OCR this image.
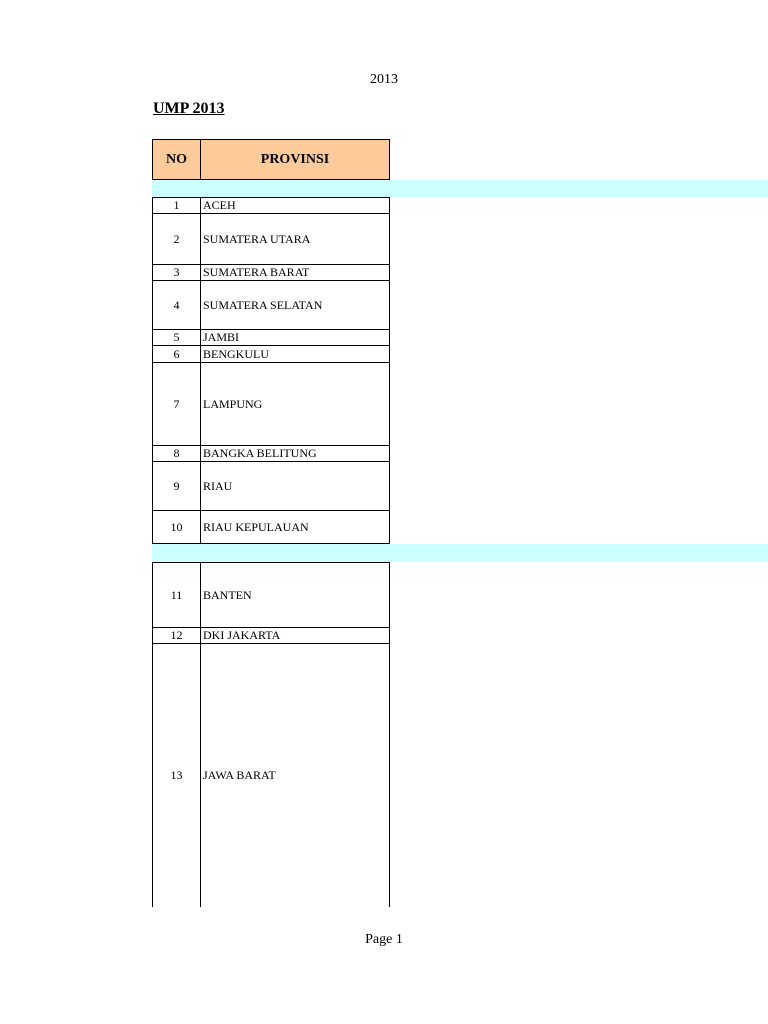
2013
UMP 2013
NO	PROVINSI
1	ACEH
2	SUMATERA UTARA
3	SUMATERA BARAT
4	SUMATERA SELATAN
5	JAMBI
6	BENGKULU
7	LAMPUNG
8	BANGKA BELITUNG
9	RIAU
10	RIAU KEPULAUAN
11	BANTEN
12	DKI JAKARTA
13	JAWA BARAT
Page 1
